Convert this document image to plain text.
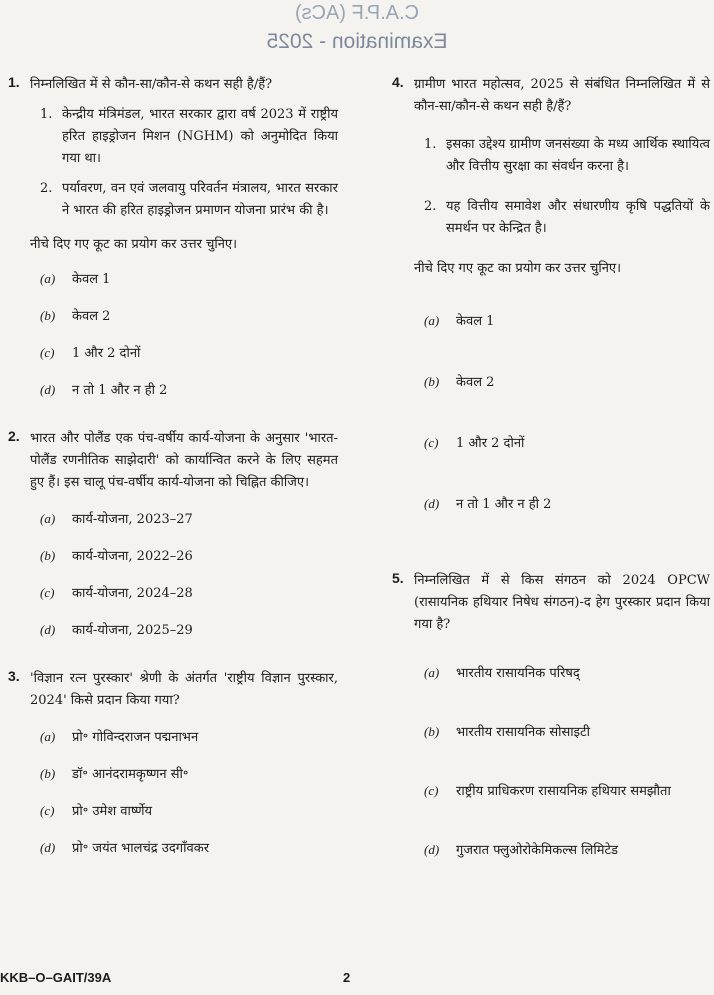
C.A.P.F (ACs)
Examination - 2025
1. निम्नलिखित में से कौन-सा/कौन-से कथन सही है/हैं?
1. केन्द्रीय मंत्रिमंडल, भारत सरकार द्वारा वर्ष 2023 में राष्ट्रीय हरित हाइड्रोजन मिशन (NGHM) को अनुमोदित किया गया था।
2. पर्यावरण, वन एवं जलवायु परिवर्तन मंत्रालय, भारत सरकार ने भारत की हरित हाइड्रोजन प्रमाणन योजना प्रारंभ की है।
नीचे दिए गए कूट का प्रयोग कर उत्तर चुनिए।
(a) केवल 1
(b) केवल 2
(c) 1 और 2 दोनों
(d) न तो 1 और न ही 2
2. भारत और पोलैंड एक पंच-वर्षीय कार्य-योजना के अनुसार 'भारत-पोलैंड रणनीतिक साझेदारी' को कार्यान्वित करने के लिए सहमत हुए हैं। इस चालू पंच-वर्षीय कार्य-योजना को चिह्नित कीजिए।
(a) कार्य-योजना, 2023–27
(b) कार्य-योजना, 2022–26
(c) कार्य-योजना, 2024–28
(d) कार्य-योजना, 2025–29
3. 'विज्ञान रत्न पुरस्कार' श्रेणी के अंतर्गत 'राष्ट्रीय विज्ञान पुरस्कार, 2024' किसे प्रदान किया गया?
(a) प्रो॰ गोविन्दराजन पद्मनाभन
(b) डॉ॰ आनंदरामकृष्णन सी॰
(c) प्रो॰ उमेश वार्ष्णेय
(d) प्रो॰ जयंत भालचंद्र उदगाँवकर
4. ग्रामीण भारत महोत्सव, 2025 से संबंधित निम्नलिखित में से कौन-सा/कौन-से कथन सही है/हैं?
1. इसका उद्देश्य ग्रामीण जनसंख्या के मध्य आर्थिक स्थायित्व और वित्तीय सुरक्षा का संवर्धन करना है।
2. यह वित्तीय समावेश और संधारणीय कृषि पद्धतियों के समर्थन पर केन्द्रित है।
नीचे दिए गए कूट का प्रयोग कर उत्तर चुनिए।
(a) केवल 1
(b) केवल 2
(c) 1 और 2 दोनों
(d) न तो 1 और न ही 2
5. निम्नलिखित में से किस संगठन को 2024 OPCW (रासायनिक हथियार निषेध संगठन)-द हेग पुरस्कार प्रदान किया गया है?
(a) भारतीय रासायनिक परिषद्
(b) भारतीय रासायनिक सोसाइटी
(c) राष्ट्रीय प्राधिकरण रासायनिक हथियार समझौता
(d) गुजरात फ्लुओरोकेमिकल्स लिमिटेड
KKB–O–GAIT/39A	2
